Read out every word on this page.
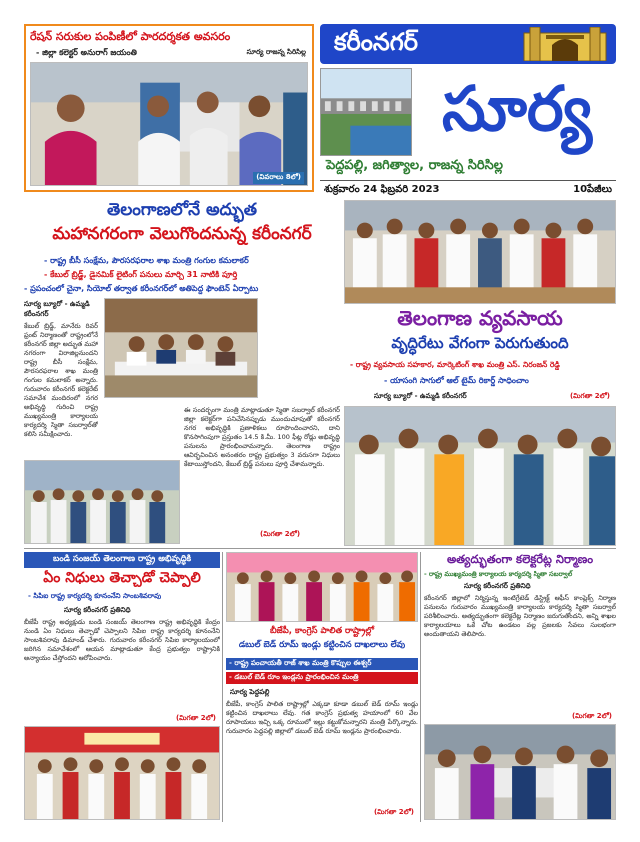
కరీంనగర్
సూర్య
పెద్దపల్లి, జగిత్యాల, రాజన్న సిరిసిల్ల
శుక్రవారం 24 ఫిబ్రవరి 2023	10పేజీలు
రేషన్ సరుకుల పంపిణీలో పారదర్శకత అవసరం
- జిల్లా కలెక్టర్ అనురాగ్ జయంతి	సూర్య రాజన్న సిరిసిల్ల
(వివరాలు 8లో)
తెలంగాణలోనే అద్భుత
మహానగరంగా వెలుగొందనున్న కరీంనగర్
- రాష్ట్ర బీసీ సంక్షేమ, పౌరసరఫరాల శాఖ మంత్రి గంగుల కమలాకర్
- కేబుల్ బ్రిడ్జ్, డైనమిక్ లైటింగ్ పనులు మార్చి 31 నాటికి పూర్తి
- ప్రపంచంలో చైనా, సియోల్ తర్వాత కరీంనగర్‌లో అతిపెద్ద ఫౌంటెన్ ఏర్పాటు
సూర్య బ్యూరో - ఉమ్మడి కరీంనగర్
కేబుల్ బ్రిడ్జ్, మానేరు రివర్ ఫ్రంట్ నిర్మాణంతో రాష్ట్రంలోనే కరీంనగర్ జిల్లా అద్భుత మహా నగరంగా విరాజిల్లనుందని రాష్ట్ర బీసీ సంక్షేమ, పౌరసరఫరాల శాఖ మంత్రి గంగుల కమలాకర్ అన్నారు. గురువారం కరీంనగర్ కలెక్టరేట్ సమావేశ మందిరంలో నగర అభివృద్ధి గురించి రాష్ట్ర ముఖ్యమంత్రి కార్యాలయ కార్యదర్శి స్మితా సబర్వాల్‌తో కలిసి సమీక్షించారు.
ఈ సందర్భంగా మంత్రి మాట్లాడుతూ స్మితా సబర్వాల్ కరీంనగర్ జిల్లా కలెక్టర్‌గా పనిచేసినప్పుడు ముందుచూపుతో కరీంనగర్ నగర అభివృద్ధికి ప్రణాళికలు రూపొందించారని, దాని కొనసాగింపుగా ప్రస్తుతం 14.5 కి.మీ. 100 ఫీట్ల రోడ్లు అభివృద్ధి పనులను ప్రారంభించామన్నారు. తెలంగాణ రాష్ట్రం ఆవిర్భవించిన అనంతరం రాష్ట్ర ప్రభుత్వం 3 వరుసగా నిధులు కేటాయిస్తోందని, కేబుల్ బ్రిడ్జ్ పనులు పూర్తి చేశామన్నారు.
(మిగతా 2లో)
తెలంగాణ వ్యవసాయ
వృద్ధిరేటు వేగంగా పెరుగుతుంది
- రాష్ట్ర వ్యవసాయ సహకార, మార్కెటింగ్ శాఖ మంత్రి ఎస్. నిరంజన్ రెడ్డి
- యాసంగి సాగులో ఆల్ టైమ్ రికార్డ్ సాధించాం
సూర్య బ్యూరో - ఉమ్మడి కరీంనగర్	(మిగతా 2లో)
బండి సంజయ్ తెలంగాణ రాష్ట్ర అభివృద్ధికి
ఏం నిధులు తెచ్చాడో చెప్పాలి
- సిపిఐ రాష్ట్ర కార్యదర్శి కూనంనేని సాంబశివరావు
సూర్య కరీంనగర్ ప్రతినిధి
బీజేపీ రాష్ట్ర అధ్యక్షుడు బండి సంజయ్ తెలంగాణ రాష్ట్ర అభివృద్ధికి కేంద్రం నుండి ఏం నిధులు తెచ్చాడో చెప్పాలని సిపిఐ రాష్ట్ర కార్యదర్శి కూనంనేని సాంబశివరావు డిమాండ్ చేశారు. గురువారం కరీంనగర్ సిపిఐ కార్యాలయంలో జరిగిన సమావేశంలో ఆయన మాట్లాడుతూ కేంద్ర ప్రభుత్వం రాష్ట్రానికి అన్యాయం చేస్తోందని ఆరోపించారు.
(మిగతా 2లో)
బీజేపీ, కాంగ్రెస్ పాలిత రాష్ట్రాల్లో
డబుల్ బెడ్ రూమ్ ఇండ్లు కట్టించిన దాఖలాలు లేవు
- రాష్ట్ర పంచాయతీ రాజ్ శాఖ మంత్రి కొప్పుల ఈశ్వర్
- డబుల్ బెడ్ రూం ఇండ్లను ప్రారంభించిన మంత్రి
సూర్య పెద్దపల్లి
బీజేపీ, కాంగ్రెస్ పాలిత రాష్ట్రాల్లో ఎక్కడా కూడా డబుల్ బెడ్ రూమ్ ఇండ్లు కట్టించిన దాఖలాలు లేవు. గత కాంగ్రెస్ ప్రభుత్వ హయాంలో 60 వేల రూపాయలు ఇచ్చి ఒక్క రూములో ఇల్లు కట్టుకోమన్నారని మంత్రి పేర్కొన్నారు. గురువారం పెద్దపల్లి జిల్లాలో డబుల్ బెడ్ రూమ్ ఇండ్లను ప్రారంభించారు.
(మిగతా 2లో)
అత్యద్భుతంగా కలెక్టరేట్ల నిర్మాణం
- రాష్ట్ర ముఖ్యమంత్రి కార్యాలయ కార్యదర్శి స్మితా సబర్వాల్
సూర్య కరీంనగర్ ప్రతినిధి
కరీంనగర్ జిల్లాలో నిర్మిస్తున్న ఇంటిగ్రేటెడ్ డిస్ట్రిక్ట్ ఆఫీస్ కాంప్లెక్స్ నిర్మాణ పనులను గురువారం ముఖ్యమంత్రి కార్యాలయ కార్యదర్శి స్మితా సబర్వాల్ పరిశీలించారు. అత్యద్భుతంగా కలెక్టరేట్ల నిర్మాణం జరుగుతోందని, అన్ని శాఖల కార్యాలయాలు ఒకే చోట ఉండటం వల్ల ప్రజలకు సేవలు సులభంగా అందుతాయని తెలిపారు.
(మిగతా 2లో)
